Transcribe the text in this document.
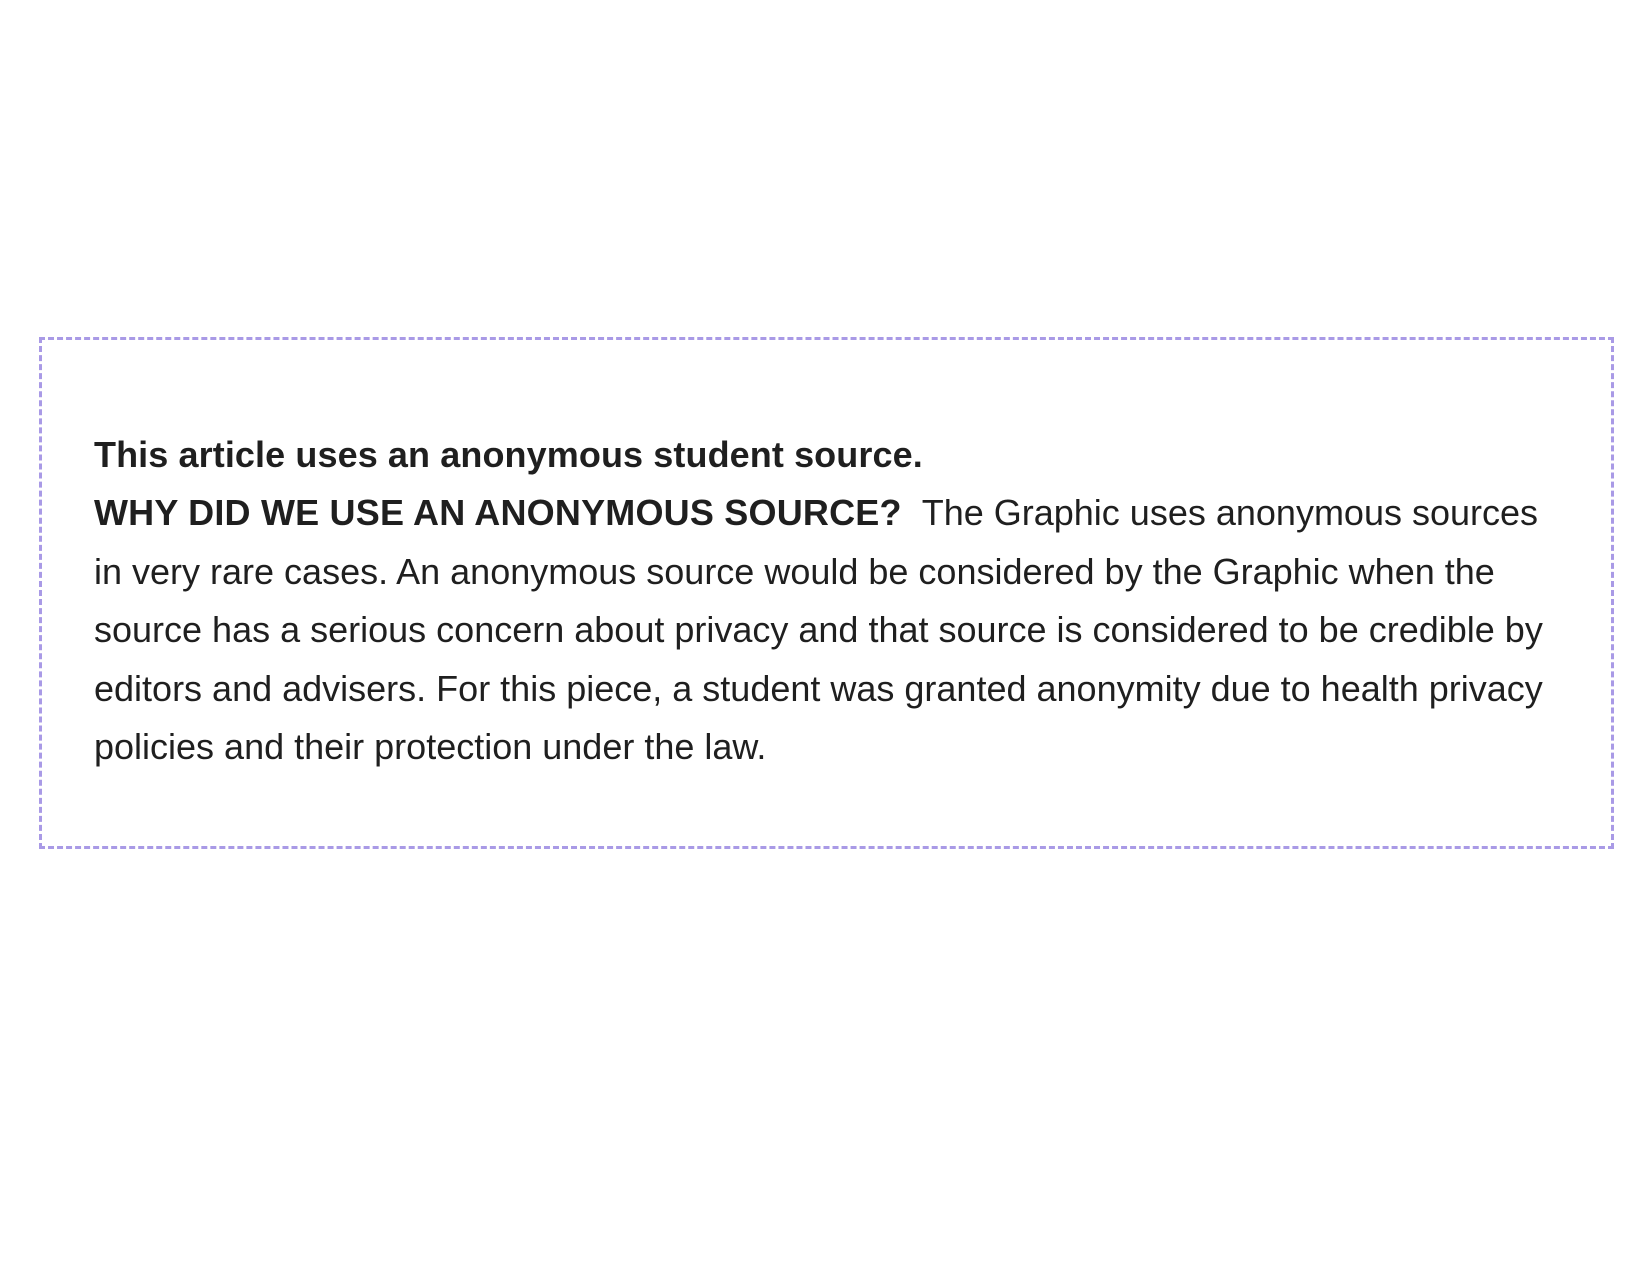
This article uses an anonymous student source.

WHY DID WE USE AN ANONYMOUS SOURCE? The Graphic uses anonymous sources in very rare cases. An anonymous source would be considered by the Graphic when the source has a serious concern about privacy and that source is considered to be credible by editors and advisers. For this piece, a student was granted anonymity due to health privacy policies and their protection under the law.
